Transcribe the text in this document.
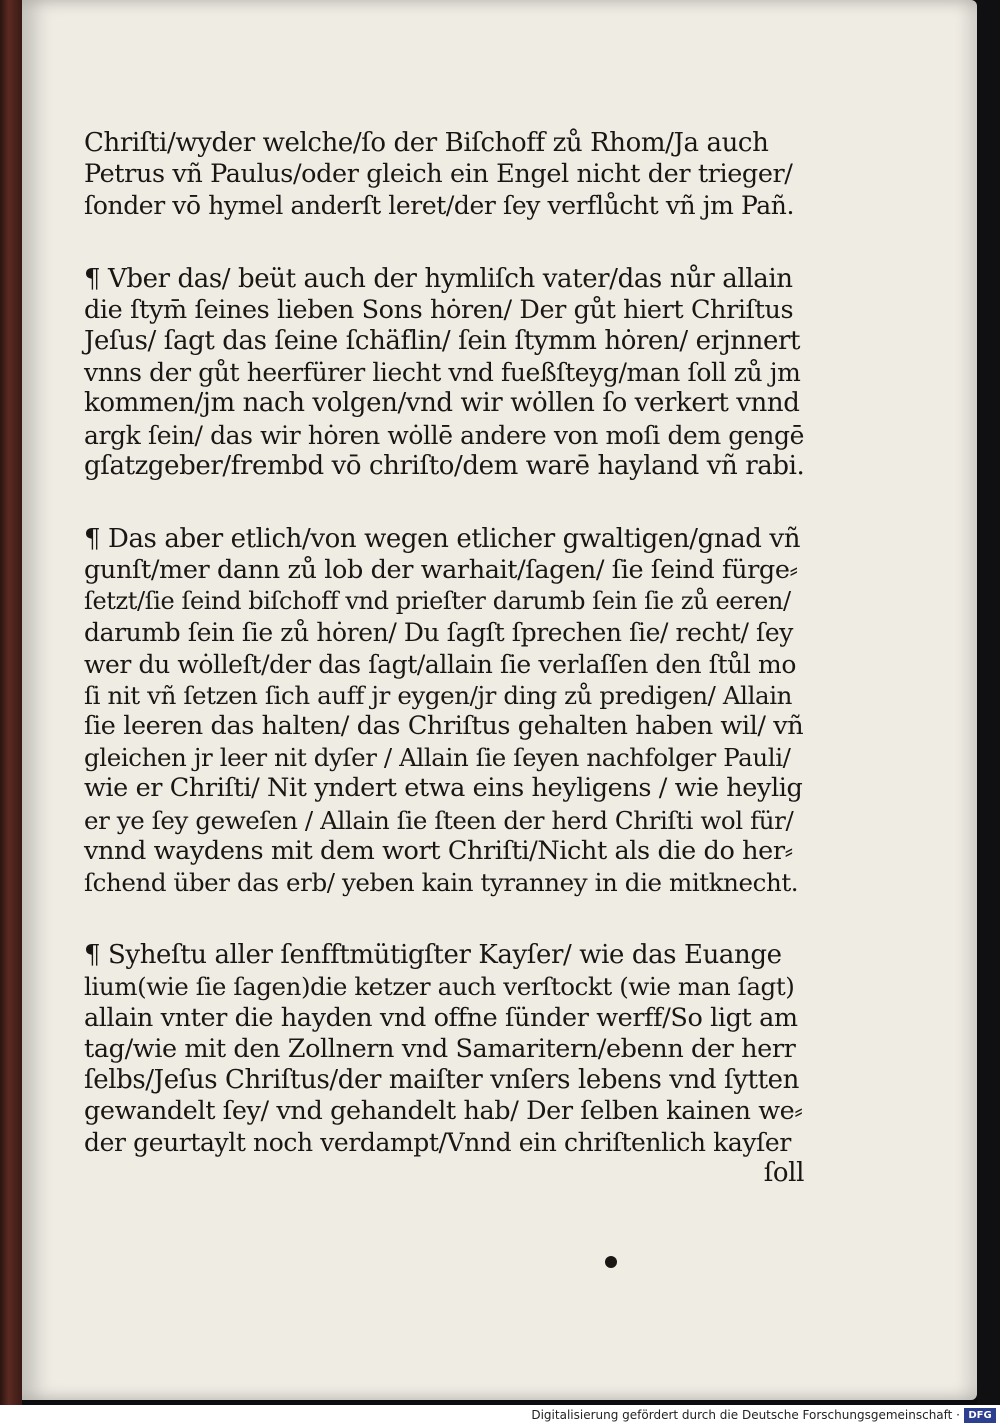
Chriſti/wyder welche/ſo der Biſchoff zů Rhom/Ja auch
Petrus vñ Paulus/oder gleich ein Engel nicht der trieger/
ſonder vō hymel anderſt leret/der ſey verflůcht vñ jm Pañ.
¶ Vber das/ beüt auch der hymliſch vater/das nůr allain
die ſtym̄ ſeines lieben Sons hȯren/ Der gůt hiert Chriſtus
Jeſus/ ſagt das ſeine ſchäflin/ ſein ſtymm hȯren/ erjnnert
vnns der gůt heerfürer liecht vnd fueßſteyg/man ſoll zů jm
kommen/jm nach volgen/vnd wir wȯllen ſo verkert vnnd
argk ſein/ das wir hȯren wȯllē andere von moſi dem gengē
gſatzgeber/frembd vō chriſto/dem warē hayland vñ rabi.
¶ Das aber etlich/von wegen etlicher gwaltigen/gnad vñ
gunſt/mer dann zů lob der warhait/ſagen/ ſie ſeind fürge⸗
ſetzt/ſie ſeind biſchoff vnd prieſter darumb ſein ſie zů eeren/
darumb ſein ſie zů hȯren/ Du ſagſt ſprechen ſie/ recht/ ſey
wer du wȯlleſt/der das ſagt/allain ſie verlaſſen den ſtůl mo
ſi nit vñ ſetzen ſich auff jr eygen/jr ding zů predigen/ Allain
ſie leeren das halten/ das Chriſtus gehalten haben wil/ vñ
gleichen jr leer nit dyſer / Allain ſie ſeyen nachfolger Pauli/
wie er Chriſti/ Nit yndert etwa eins heyligens / wie heylig
er ye ſey geweſen / Allain ſie ſteen der herd Chriſti wol für/
vnnd waydens mit dem wort Chriſti/Nicht als die do her⸗
ſchend über das erb/ yeben kain tyranney in die mitknecht.
¶ Syheſtu aller ſenfftmütigſter Kayſer/ wie das Euange
lium(wie ſie ſagen)die ketzer auch verſtockt (wie man ſagt)
allain vnter die hayden vnd offne ſünder werff/So ligt am
tag/wie mit den Zollnern vnd Samaritern/ebenn der herr
ſelbs/Jeſus Chriſtus/der maiſter vnſers lebens vnd ſytten
gewandelt ſey/ vnd gehandelt hab/ Der ſelben kainen we⸗
der geurtaylt noch verdampt/Vnnd ein chriſtenlich kayſer
ſoll
Digitalisierung gefördert durch die Deutsche Forschungsgemeinschaft · DFG
